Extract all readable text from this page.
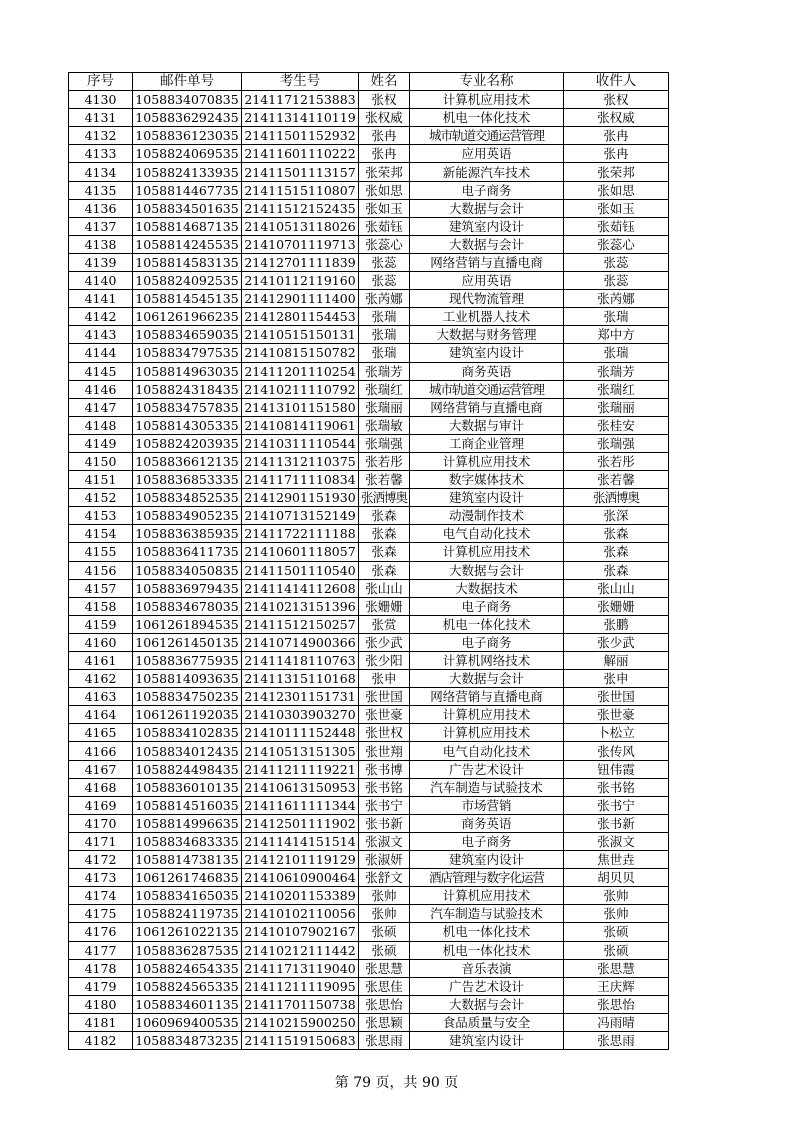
序号	邮件单号	考生号	姓名	专业名称	收件人
4130	1058834070835	21411712153883	张权	计算机应用技术	张权
4131	1058836292435	21411314110119	张权威	机电一体化技术	张权威
4132	1058836123035	21411501152932	张冉	城市轨道交通运营管理	张冉
4133	1058824069535	21411601110222	张冉	应用英语	张冉
4134	1058824133935	21411501113157	张荣邦	新能源汽车技术	张荣邦
4135	1058814467735	21411515110807	张如思	电子商务	张如思
4136	1058834501635	21411512152435	张如玉	大数据与会计	张如玉
4137	1058814687135	21410513118026	张茹钰	建筑室内设计	张茹钰
4138	1058814245535	21410701119713	张蕊心	大数据与会计	张蕊心
4139	1058814583135	21412701111839	张蕊	网络营销与直播电商	张蕊
4140	1058824092535	21410112119160	张蕊	应用英语	张蕊
4141	1058814545135	21412901111400	张芮娜	现代物流管理	张芮娜
4142	1061261966235	21412801154453	张瑞	工业机器人技术	张瑞
4143	1058834659035	21410515150131	张瑞	大数据与财务管理	郑中方
4144	1058834797535	21410815150782	张瑞	建筑室内设计	张瑞
4145	1058814963035	21411201110254	张瑞芳	商务英语	张瑞芳
4146	1058824318435	21410211110792	张瑞红	城市轨道交通运营管理	张瑞红
4147	1058834757835	21413101151580	张瑞丽	网络营销与直播电商	张瑞丽
4148	1058814305335	21410814119061	张瑞敏	大数据与审计	张桂安
4149	1058824203935	21410311110544	张瑞强	工商企业管理	张瑞强
4150	1058836612135	21411312110375	张若彤	计算机应用技术	张若彤
4151	1058836853335	21411711110834	张若馨	数字媒体技术	张若馨
4152	1058834852535	21412901151930	张洒博奥	建筑室内设计	张洒博奥
4153	1058834905235	21410713152149	张森	动漫制作技术	张深
4154	1058836385935	21411722111188	张森	电气自动化技术	张森
4155	1058836411735	21410601118057	张森	计算机应用技术	张森
4156	1058834050835	21411501110540	张森	大数据与会计	张森
4157	1058836979435	21411414112608	张山山	大数据技术	张山山
4158	1058834678035	21410213151396	张姗姗	电子商务	张姗姗
4159	1061261894535	21411512150257	张赏	机电一体化技术	张鹏
4160	1061261450135	21410714900366	张少武	电子商务	张少武
4161	1058836775935	21411418110763	张少阳	计算机网络技术	解丽
4162	1058814093635	21411315110168	张申	大数据与会计	张申
4163	1058834750235	21412301151731	张世国	网络营销与直播电商	张世国
4164	1061261192035	21410303903270	张世豪	计算机应用技术	张世豪
4165	1058834102835	21410111152448	张世权	计算机应用技术	卜松立
4166	1058834012435	21410513151305	张世翔	电气自动化技术	张传风
4167	1058824498435	21411211119221	张书博	广告艺术设计	钮伟霞
4168	1058836010135	21410613150953	张书铭	汽车制造与试验技术	张书铭
4169	1058814516035	21411611111344	张书宁	市场营销	张书宁
4170	1058814996635	21412501111902	张书新	商务英语	张书新
4171	1058834683335	21411414151514	张淑文	电子商务	张淑文
4172	1058814738135	21412101119129	张淑妍	建筑室内设计	焦世垚
4173	1061261746835	21410610900464	张舒文	酒店管理与数字化运营	胡贝贝
4174	1058834165035	21410201153389	张帅	计算机应用技术	张帅
4175	1058824119735	21410102110056	张帅	汽车制造与试验技术	张帅
4176	1061261022135	21410107902167	张硕	机电一体化技术	张硕
4177	1058836287535	21410212111442	张硕	机电一体化技术	张硕
4178	1058824654335	21411713119040	张思慧	音乐表演	张思慧
4179	1058824565335	21411211119095	张思佳	广告艺术设计	王庆辉
4180	1058834601135	21411701150738	张思怡	大数据与会计	张思怡
4181	1060969400535	21410215900250	张思颖	食品质量与安全	冯雨晴
4182	1058834873235	21411519150683	张思雨	建筑室内设计	张思雨
第 79 页，共 90 页
